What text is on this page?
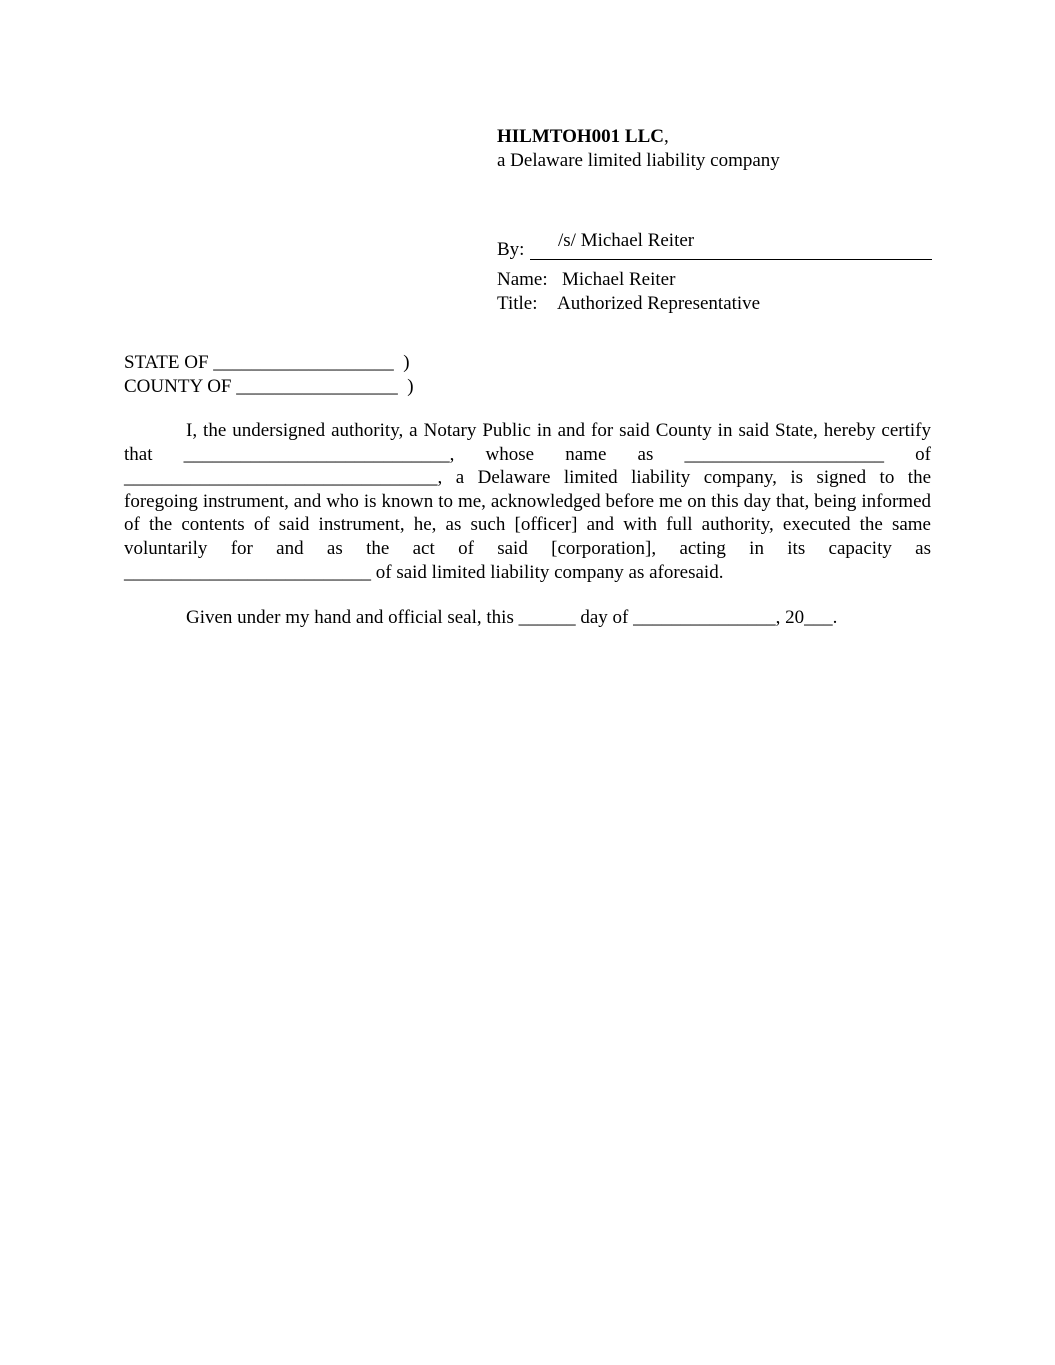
HILMTOH001 LLC,
a Delaware limited liability company
By: /s/ Michael Reiter
Name: Michael Reiter
Title: Authorized Representative
STATE OF ___________________  )
COUNTY OF _________________  )

I, the undersigned authority, a Notary Public in and for said County in said State, hereby certify that ____________________________, whose name as _____________________ of _________________________________, a Delaware limited liability company, is signed to the foregoing instrument, and who is known to me, acknowledged before me on this day that, being informed of the contents of said instrument, he, as such [officer] and with full authority, executed the same voluntarily for and as the act of said [corporation], acting in its capacity as __________________________ of said limited liability company as aforesaid.

Given under my hand and official seal, this ______ day of _______________, 20___.
